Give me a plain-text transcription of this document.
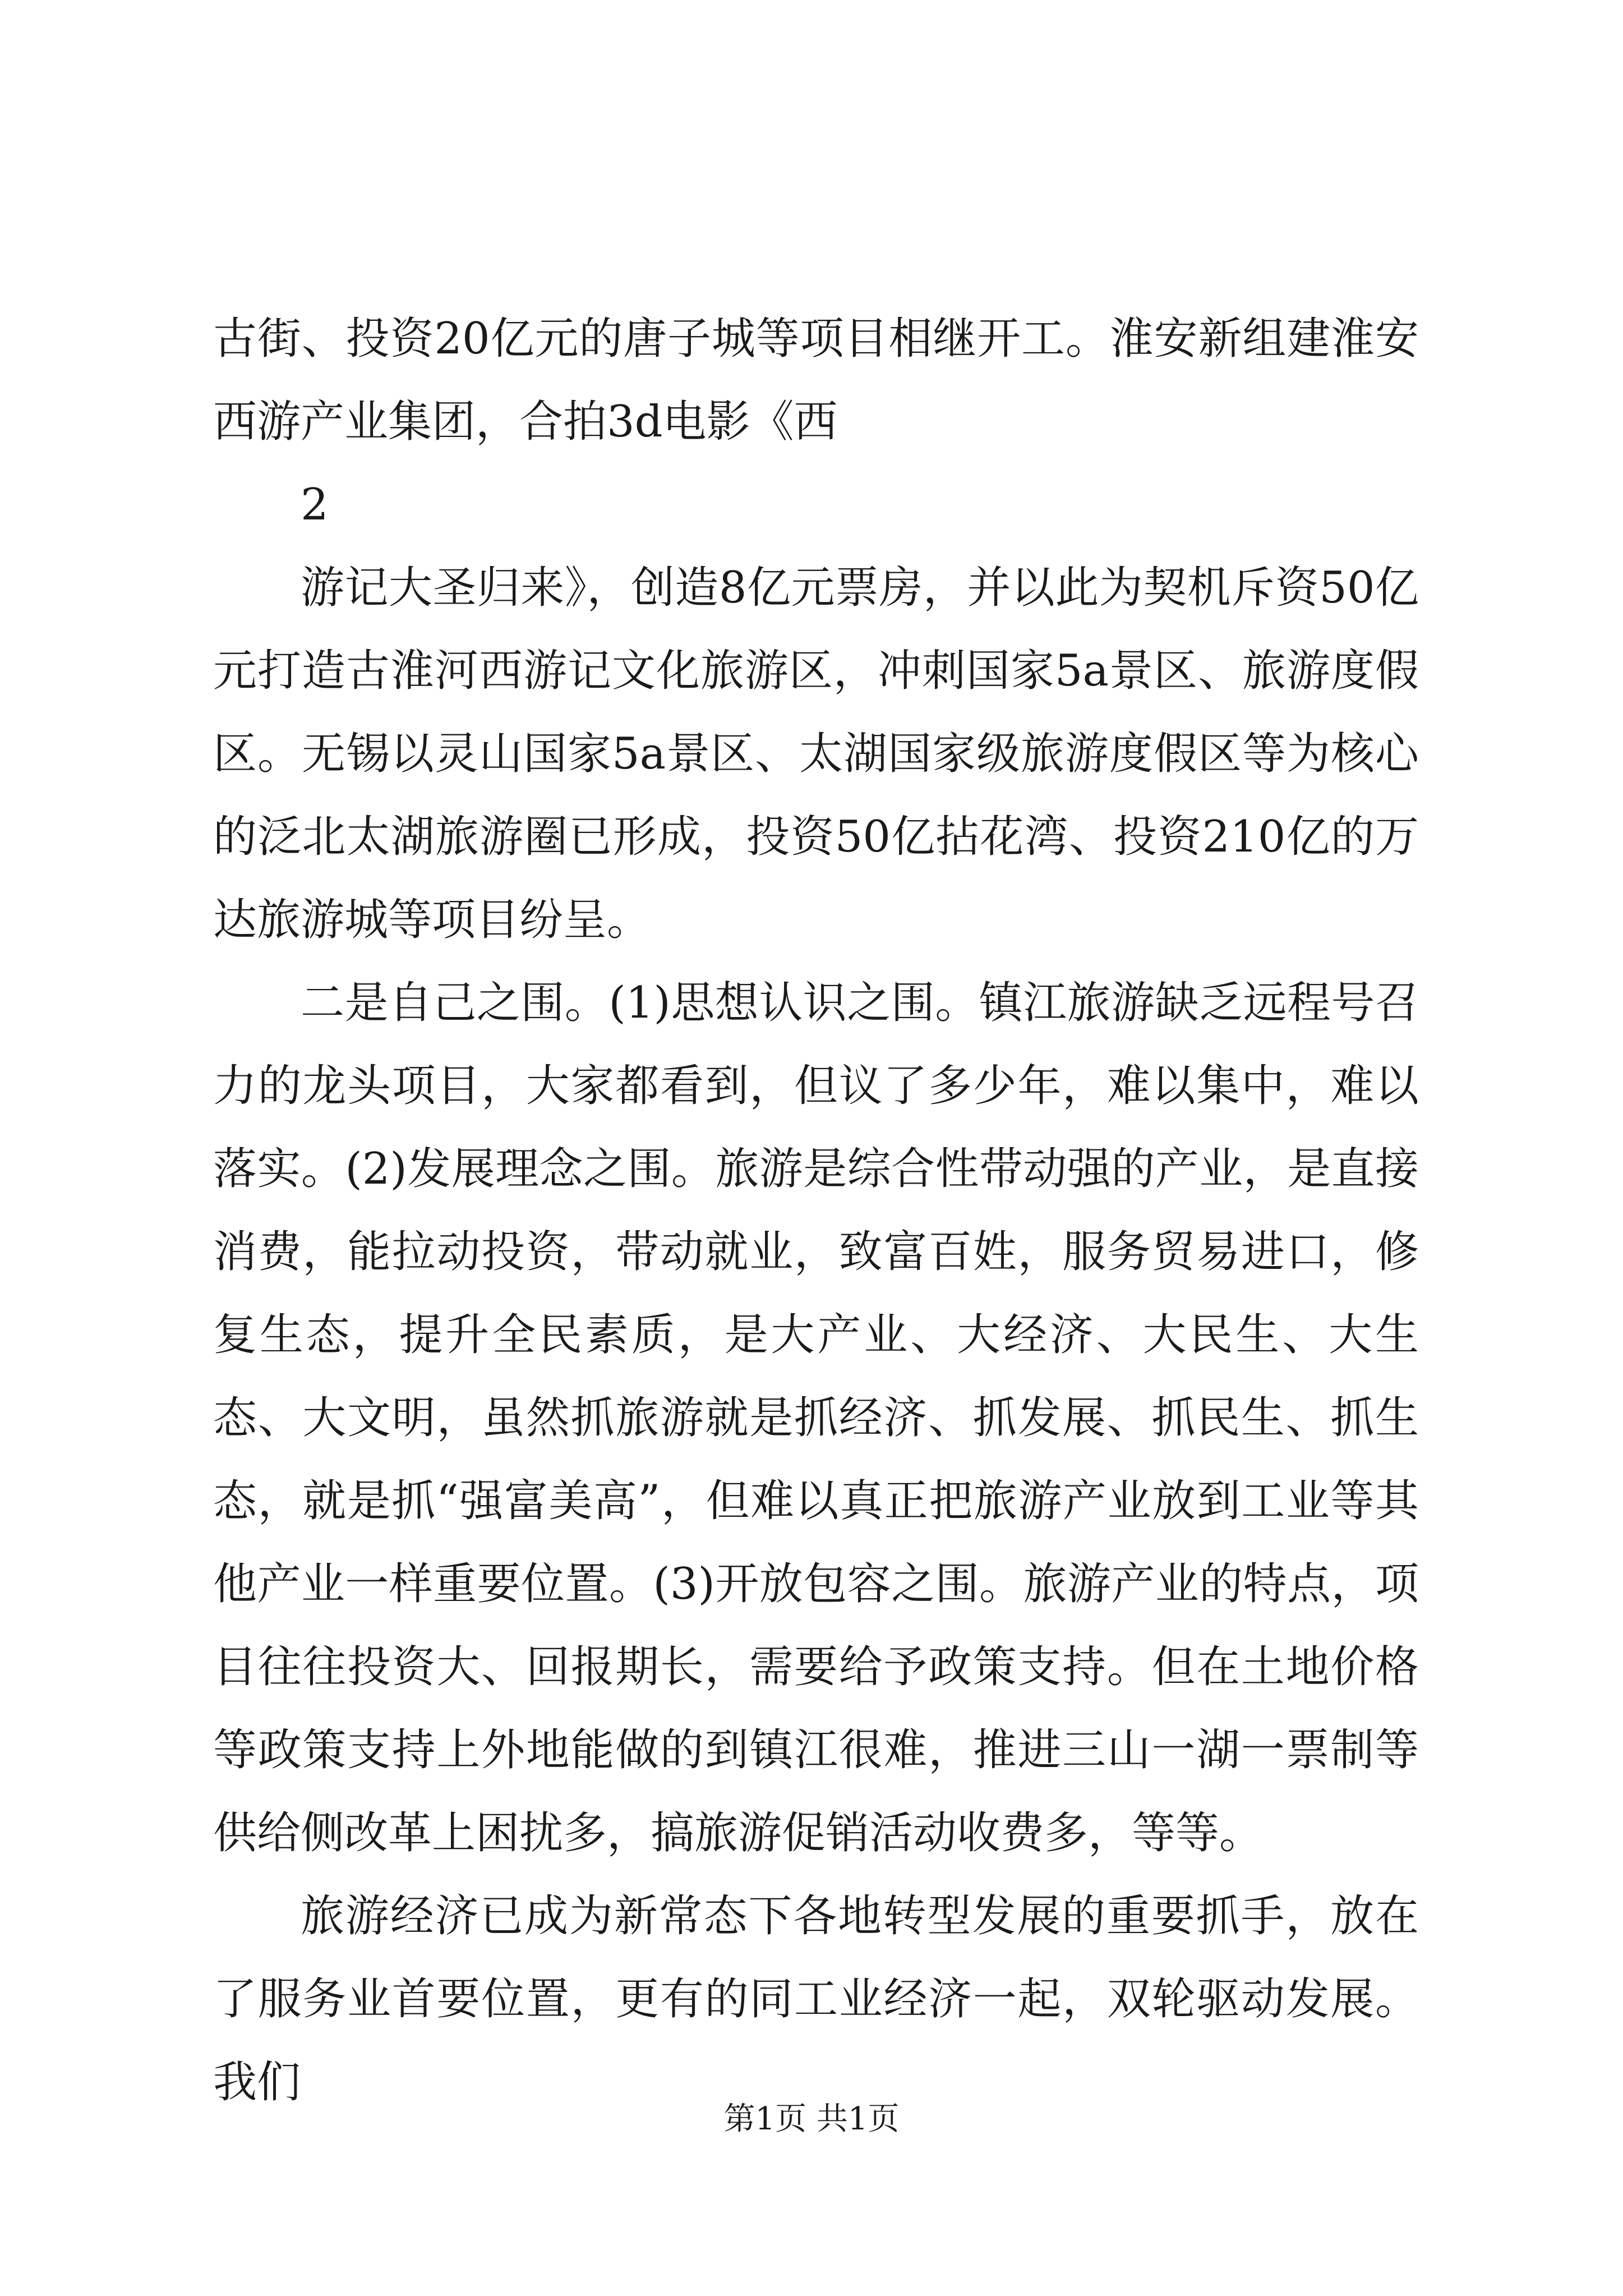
古街、投资20亿元的唐子城等项目相继开工。淮安新组建淮安西游产业集团，合拍3d电影《西

2

游记大圣归来》，创造8亿元票房，并以此为契机斥资50亿元打造古淮河西游记文化旅游区，冲刺国家5a景区、旅游度假区。无锡以灵山国家5a景区、太湖国家级旅游度假区等为核心的泛北太湖旅游圈已形成，投资50亿拈花湾、投资210亿的万达旅游城等项目纷呈。

二是自己之围。(1)思想认识之围。镇江旅游缺乏远程号召力的龙头项目，大家都看到，但议了多少年，难以集中，难以落实。(2)发展理念之围。旅游是综合性带动强的产业，是直接消费，能拉动投资，带动就业，致富百姓，服务贸易进口，修复生态，提升全民素质，是大产业、大经济、大民生、大生态、大文明，虽然抓旅游就是抓经济、抓发展、抓民生、抓生态，就是抓“强富美高”，但难以真正把旅游产业放到工业等其他产业一样重要位置。(3)开放包容之围。旅游产业的特点，项目往往投资大、回报期长，需要给予政策支持。但在土地价格等政策支持上外地能做的到镇江很难，推进三山一湖一票制等供给侧改革上困扰多，搞旅游促销活动收费多，等等。

旅游经济已成为新常态下各地转型发展的重要抓手，放在了服务业首要位置，更有的同工业经济一起，双轮驱动发展。我们

第1页 共1页
